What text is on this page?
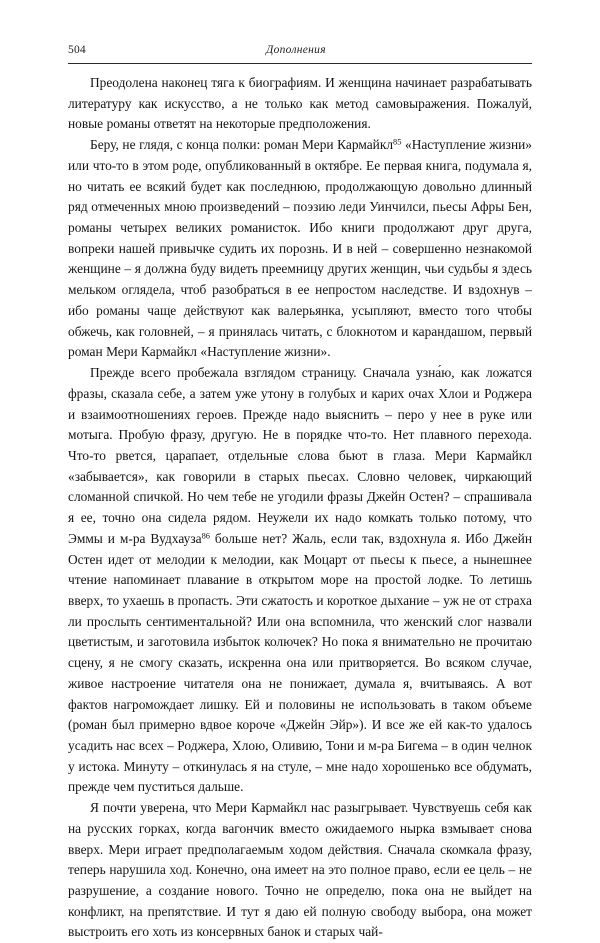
504	Дополнения

Преодолена наконец тяга к биографиям. И женщина начинает разрабатывать литературу как искусство, а не только как метод самовыражения. Пожалуй, новые романы ответят на некоторые предположения.

Беру, не глядя, с конца полки: роман Мери Кармайкл$^{85}$ «Наступление жизни» или что-то в этом роде, опубликованный в октябре. Ее первая книга, подумала я, но читать ее всякий будет как последнюю, продолжающую довольно длинный ряд отмеченных мною произведений – поэзию леди Уинчилси, пьесы Афры Бен, романы четырех великих романисток. Ибо книги продолжают друг друга, вопреки нашей привычке судить их порознь. И в ней – совершенно незнакомой женщине – я должна буду видеть преемницу других женщин, чьи судьбы я здесь мельком оглядела, чтоб разобраться в ее непростом наследстве. И вздохнув – ибо романы чаще действуют как валерьянка, усыпляют, вместо того чтобы обжечь, как головней, – я принялась читать, с блокнотом и карандашом, первый роман Мери Кармайкл «Наступление жизни».

Прежде всего пробежала взглядом страницу. Сначала узна́ю, как ложатся фразы, сказала себе, а затем уже утону в голубых и карих очах Хлои и Роджера и взаимоотношениях героев. Прежде надо выяснить – перо у нее в руке или мотыга. Пробую фразу, другую. Не в порядке что-то. Нет плавного перехода. Что-то рвется, царапает, отдельные слова бьют в глаза. Мери Кармайкл «забывается», как говорили в старых пьесах. Словно человек, чиркающий сломанной спичкой. Но чем тебе не угодили фразы Джейн Остен? – спрашивала я ее, точно она сидела рядом. Неужели их надо комкать только потому, что Эммы и м-ра Вудхауза$^{86}$ больше нет? Жаль, если так, вздохнула я. Ибо Джейн Остен идет от мелодии к мелодии, как Моцарт от пьесы к пьесе, а нынешнее чтение напоминает плавание в открытом море на простой лодке. То летишь вверх, то ухаешь в пропасть. Эти сжатость и короткое дыхание – уж не от страха ли прослыть сентиментальной? Или она вспомнила, что женский слог назвали цветистым, и заготовила избыток колючек? Но пока я внимательно не прочитаю сцену, я не смогу сказать, искренна она или притворяется. Во всяком случае, живое настроение читателя она не понижает, думала я, вчитываясь. А вот фактов нагромождает лишку. Ей и половины не использовать в таком объеме (роман был примерно вдвое короче «Джейн Эйр»). И все же ей как-то удалось усадить нас всех – Роджера, Хлою, Оливию, Тони и м-ра Бигема – в один челнок у истока. Минуту – откинулась я на стуле, – мне надо хорошенько все обдумать, прежде чем пуститься дальше.

Я почти уверена, что Мери Кармайкл нас разыгрывает. Чувствуешь себя как на русских горках, когда вагончик вместо ожидаемого нырка взмывает снова вверх. Мери играет предполагаемым ходом действия. Сначала скомкала фразу, теперь нарушила ход. Конечно, она имеет на это полное право, если ее цель – не разрушение, а создание нового. Точно не определю, пока она не выйдет на конфликт, на препятствие. И тут я даю ей полную свободу выбора, она может выстроить его хоть из консервных банок и старых чай-
